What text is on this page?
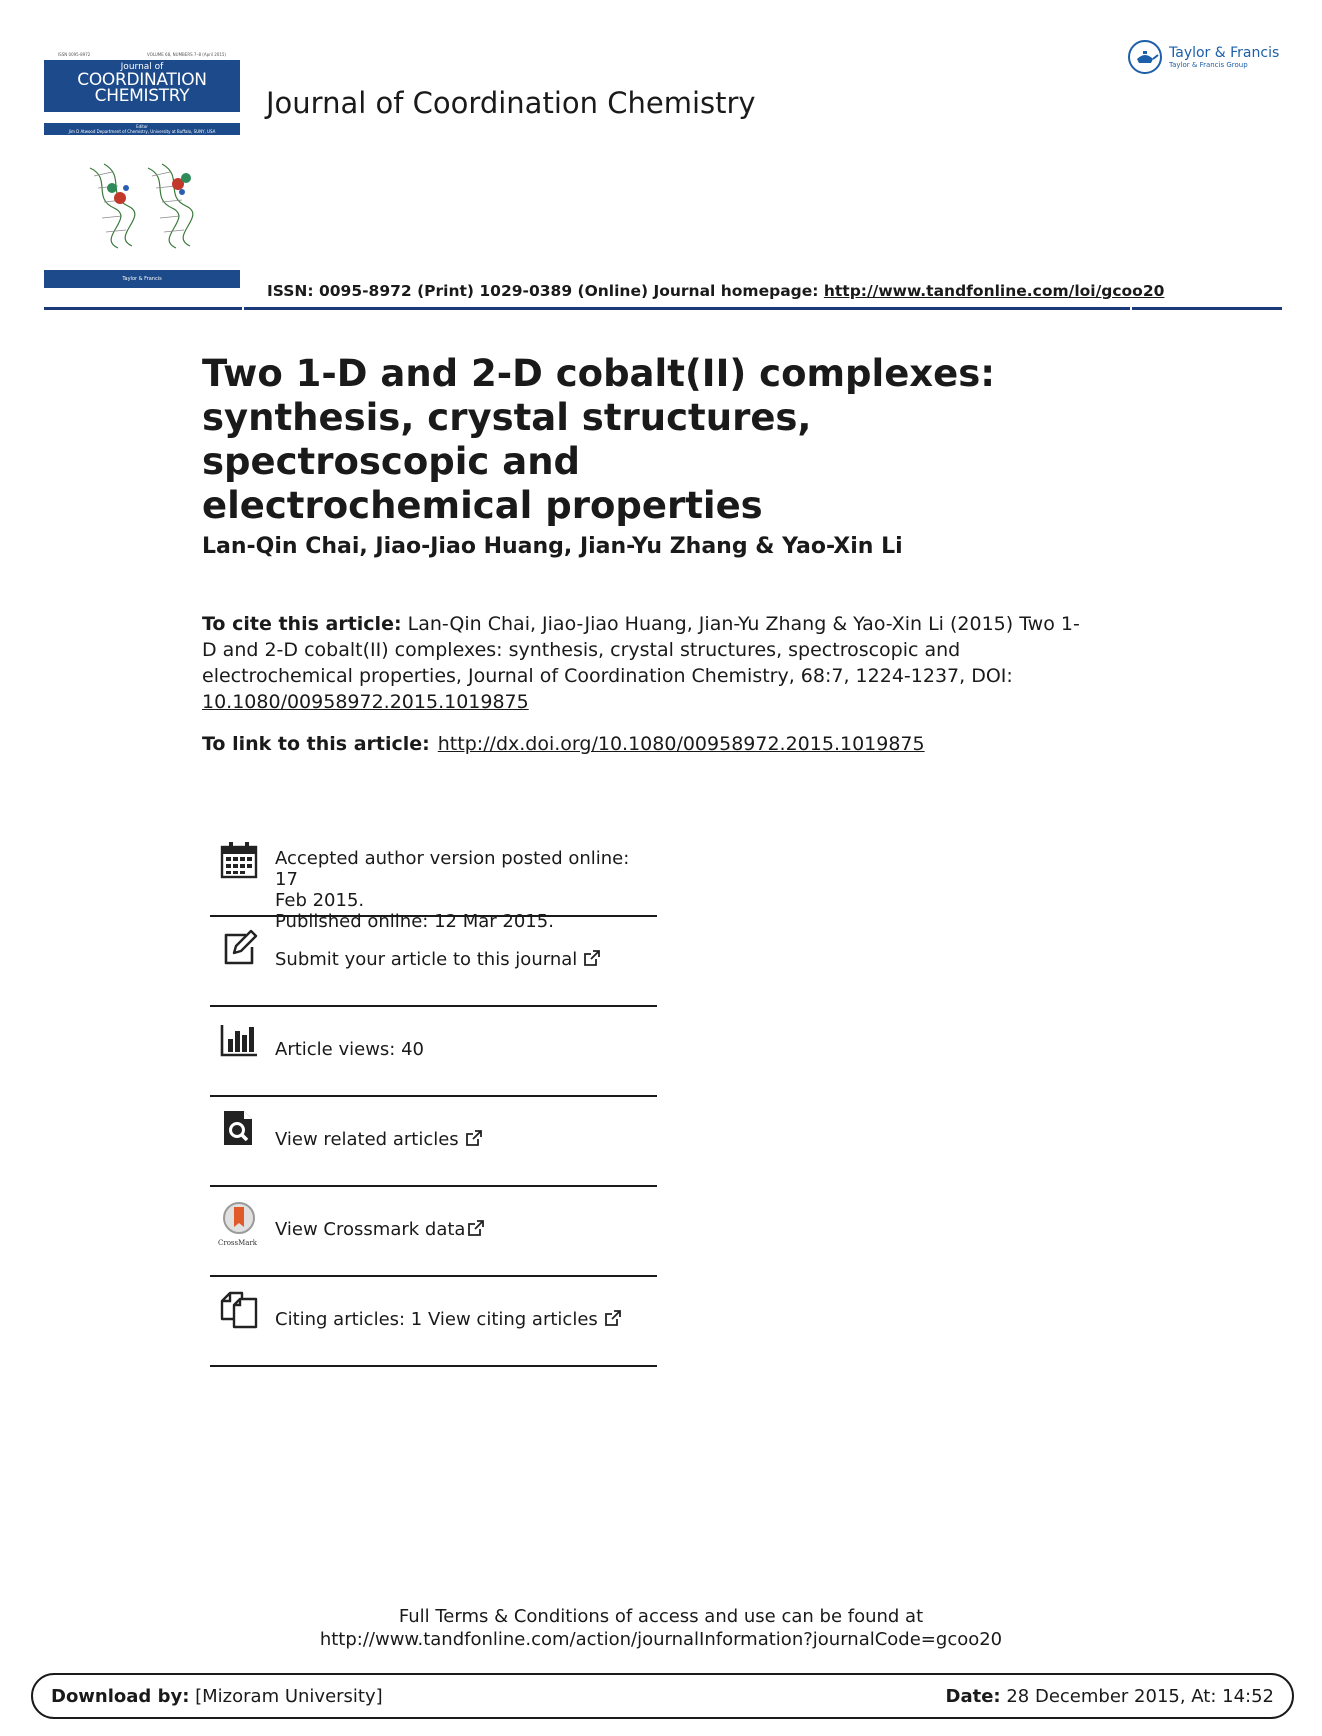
ISSN 0095-8972	VOLUME 68, NUMBERS 7–8 (April 2015)
Journal of
COORDINATION
CHEMISTRY
Editor
Jim D Atwood Department of Chemistry, University at Buffalo, SUNY, USA
Taylor & Francis
Journal of Coordination Chemistry
Taylor & Francis
Taylor & Francis Group
ISSN: 0095-8972 (Print) 1029-0389 (Online) Journal homepage: http://www.tandfonline.com/loi/gcoo20
Two 1-D and 2-D cobalt(II) complexes:
synthesis, crystal structures, spectroscopic and
electrochemical properties
Lan-Qin Chai, Jiao-Jiao Huang, Jian-Yu Zhang & Yao-Xin Li
To cite this article: Lan-Qin Chai, Jiao-Jiao Huang, Jian-Yu Zhang & Yao-Xin Li (2015) Two 1-D and 2-D cobalt(II) complexes: synthesis, crystal structures, spectroscopic and electrochemical properties, Journal of Coordination Chemistry, 68:7, 1224-1237, DOI:
10.1080/00958972.2015.1019875
To link to this article: http://dx.doi.org/10.1080/00958972.2015.1019875
Accepted author version posted online: 17
Feb 2015.
Published online: 12 Mar 2015.
Submit your article to this journal
Article views: 40
View related articles
CrossMark
View Crossmark data
Citing articles: 1 View citing articles
Full Terms & Conditions of access and use can be found at
http://www.tandfonline.com/action/journalInformation?journalCode=gcoo20
Download by: [Mizoram University]	Date: 28 December 2015, At: 14:52
